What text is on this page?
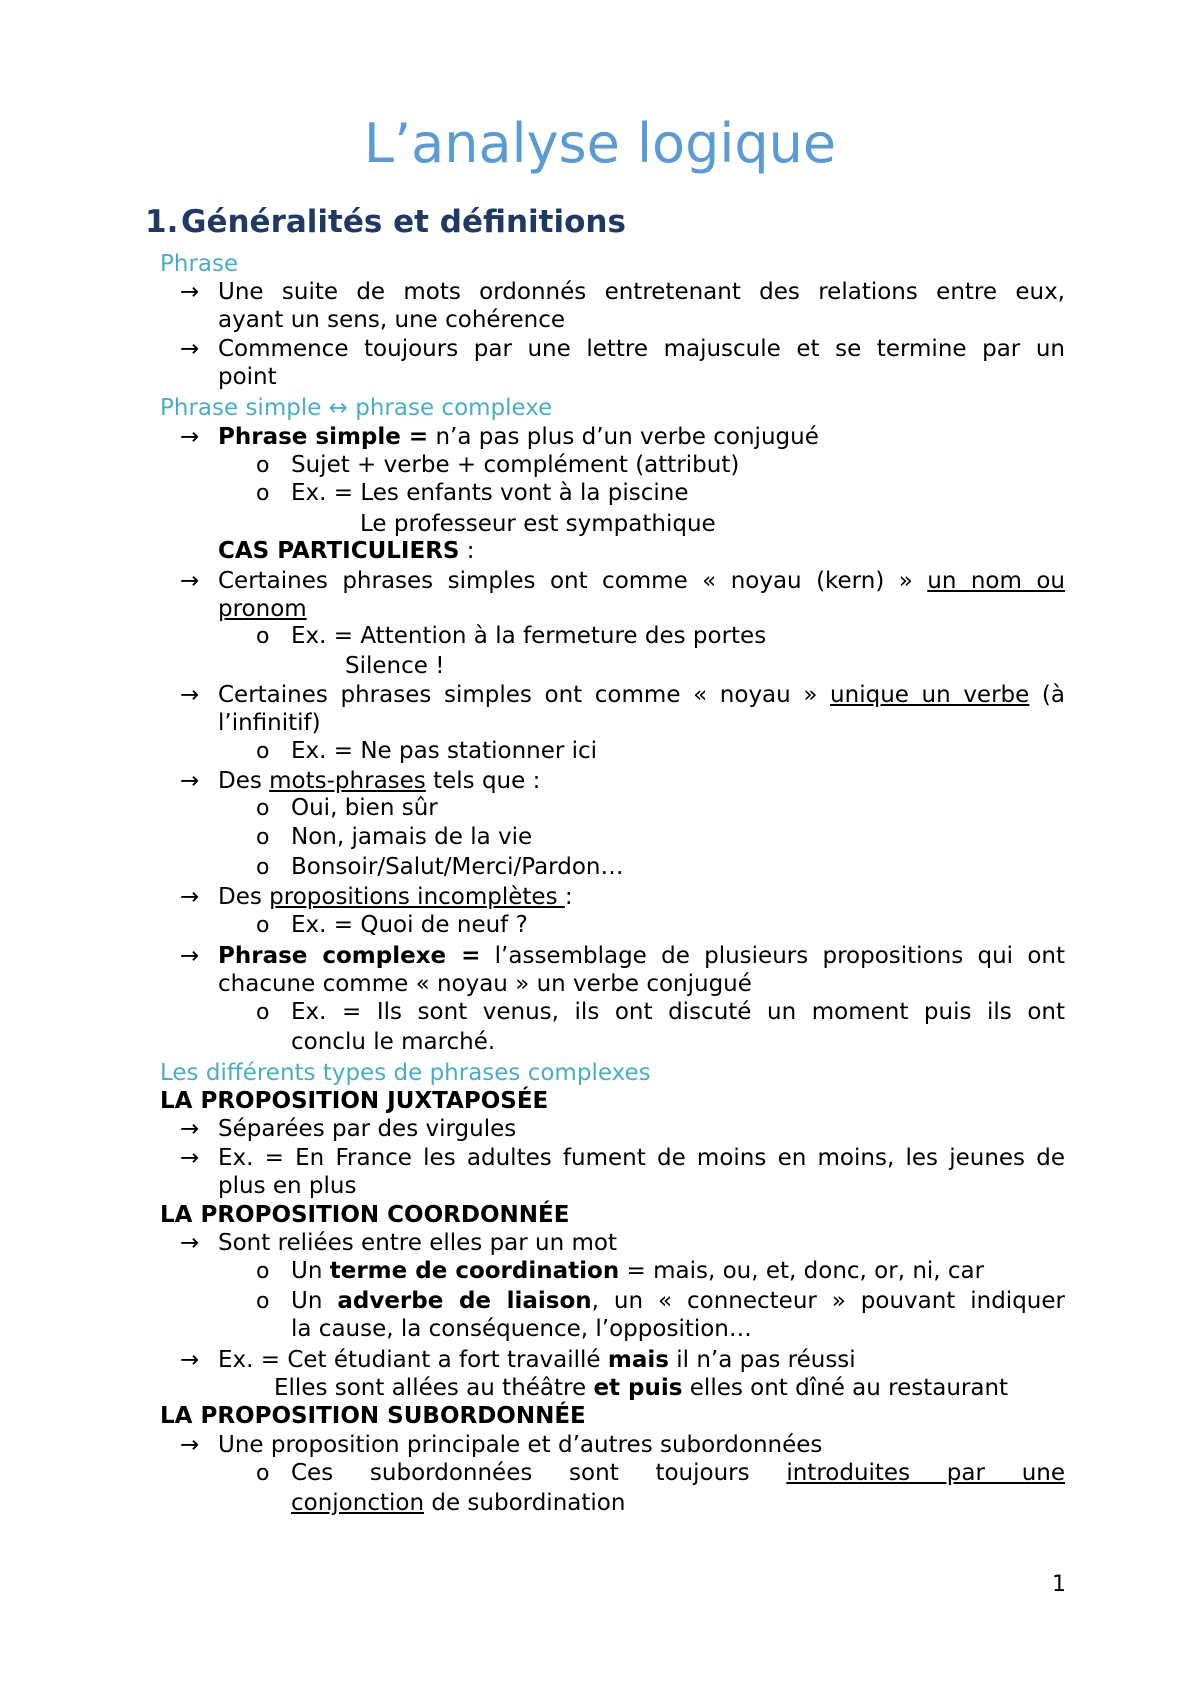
L’analyse logique
1.Généralités et définitions

Phrase

→ Une suite de mots ordonnés entretenant des relations entre eux,

ayant un sens, une cohérence

→ Commence toujours par une lettre majuscule et se termine par un

point

Phrase simple ↔ phrase complexe

→ Phrase simple = n’a pas plus d’un verbe conjugué

o Sujet + verbe + complément (attribut)

o Ex. = Les enfants vont à la piscine

Le professeur est sympathique

CAS PARTICULIERS :

→ Certaines phrases simples ont comme « noyau (kern) » un nom ou

pronom

o Ex. = Attention à la fermeture des portes

Silence !

→ Certaines phrases simples ont comme « noyau » unique un verbe (à

l’infinitif)

o Ex. = Ne pas stationner ici

→ Des mots-phrases tels que :

o Oui, bien sûr

o Non, jamais de la vie

o Bonsoir/Salut/Merci/Pardon…

→ Des propositions incomplètes :

o Ex. = Quoi de neuf ?

→ Phrase complexe = l’assemblage de plusieurs propositions qui ont

chacune comme « noyau » un verbe conjugué

o Ex. = Ils sont venus, ils ont discuté un moment puis ils ont

conclu le marché.

Les différents types de phrases complexes

LA PROPOSITION JUXTAPOSÉE

→ Séparées par des virgules

→ Ex. = En France les adultes fument de moins en moins, les jeunes de

plus en plus

LA PROPOSITION COORDONNÉE

→ Sont reliées entre elles par un mot

o Un terme de coordination = mais, ou, et, donc, or, ni, car

o Un adverbe de liaison, un « connecteur » pouvant indiquer

la cause, la conséquence, l’opposition…

→ Ex. = Cet étudiant a fort travaillé mais il n’a pas réussi

Elles sont allées au théâtre et puis elles ont dîné au restaurant

LA PROPOSITION SUBORDONNÉE

→ Une proposition principale et d’autres subordonnées

o Ces subordonnées sont toujours introduites par une

conjonction de subordination

1
